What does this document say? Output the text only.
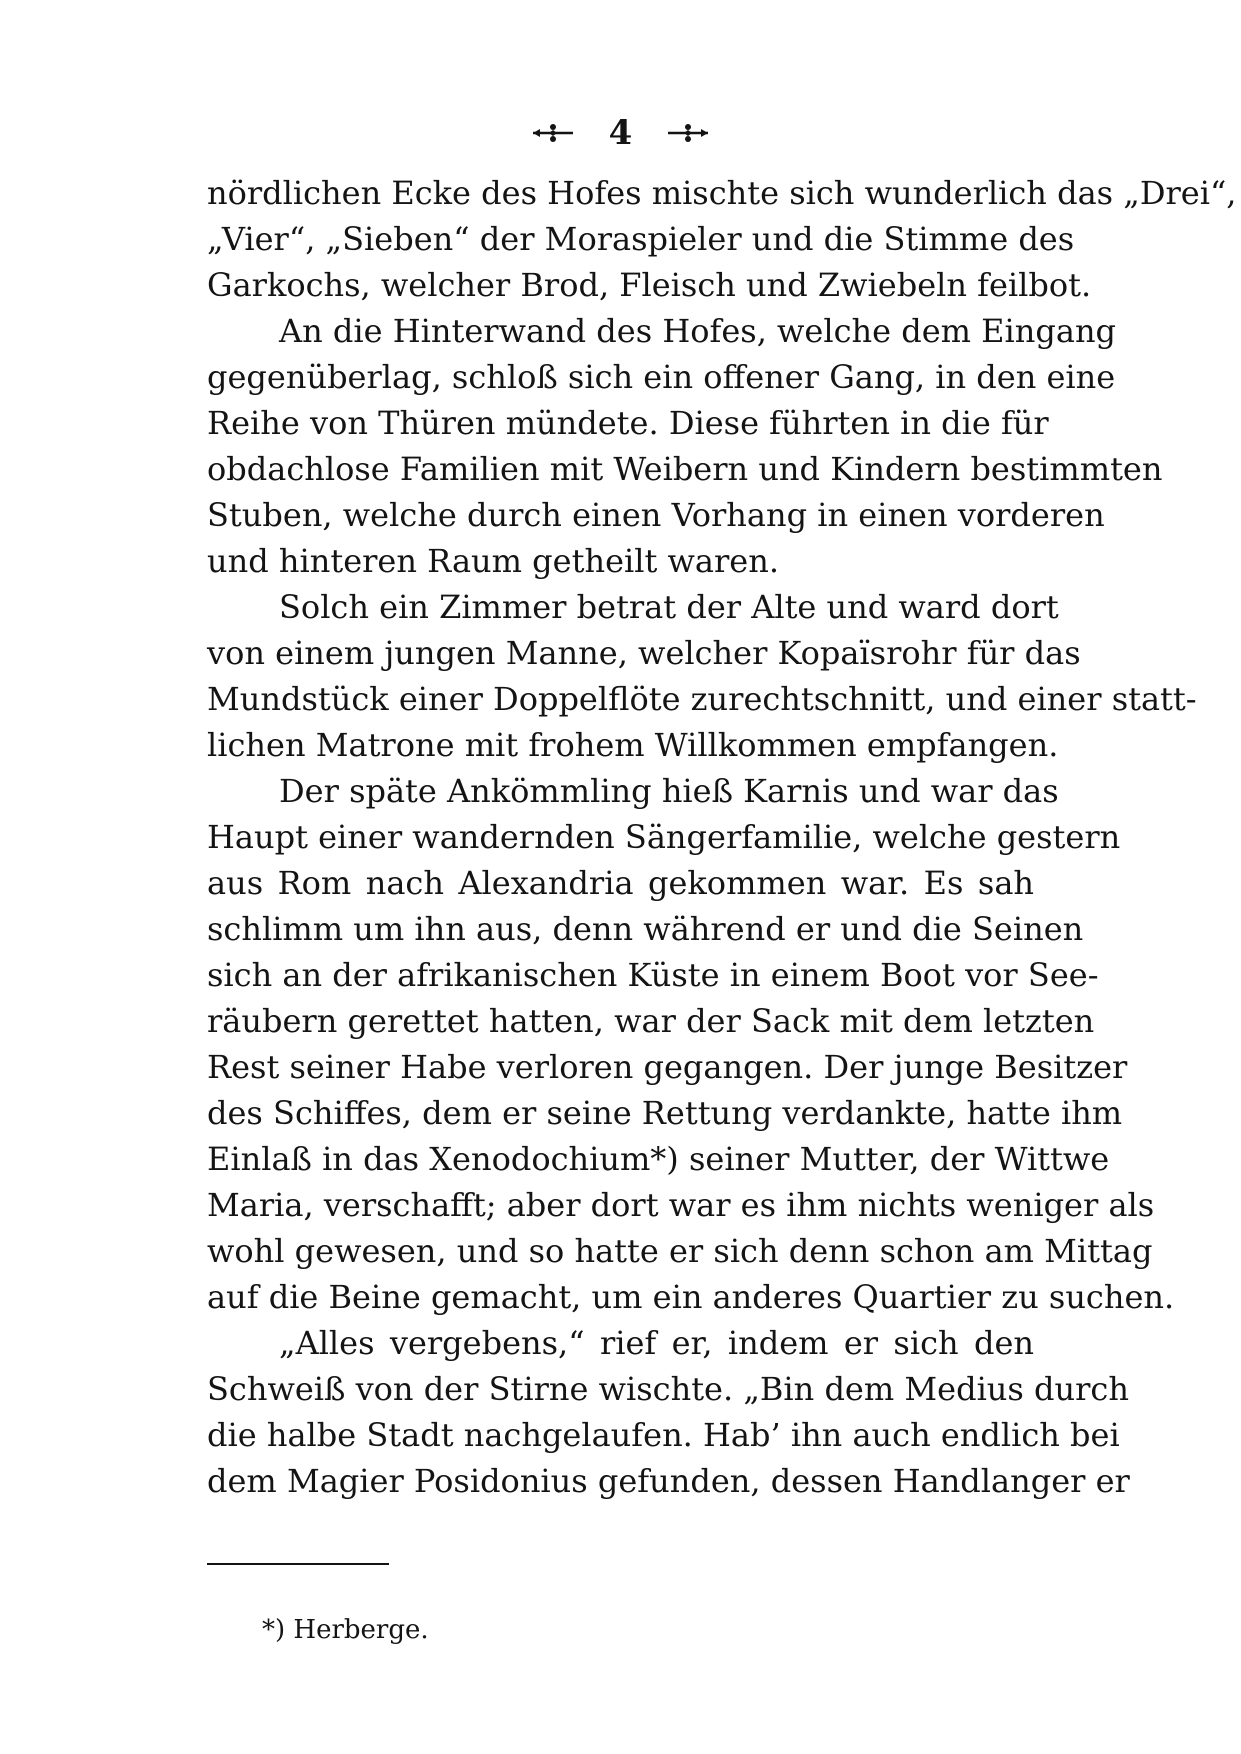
4
nördlichen Ecke des Hofes mischte sich wunderlich das „Drei“,
„Vier“, „Sieben“ der Moraspieler und die Stimme des
Garkochs, welcher Brod, Fleisch und Zwiebeln feilbot.
An die Hinterwand des Hofes, welche dem Eingang
gegenüberlag, schloß sich ein offener Gang, in den eine
Reihe von Thüren mündete. Diese führten in die für
obdachlose Familien mit Weibern und Kindern bestimmten
Stuben, welche durch einen Vorhang in einen vorderen
und hinteren Raum getheilt waren.
Solch ein Zimmer betrat der Alte und ward dort
von einem jungen Manne, welcher Kopaïsrohr für das
Mundstück einer Doppelflöte zurechtschnitt, und einer statt-
lichen Matrone mit frohem Willkommen empfangen.
Der späte Ankömmling hieß Karnis und war das
Haupt einer wandernden Sängerfamilie, welche gestern
aus Rom nach Alexandria gekommen war. Es sah
schlimm um ihn aus, denn während er und die Seinen
sich an der afrikanischen Küste in einem Boot vor See-
räubern gerettet hatten, war der Sack mit dem letzten
Rest seiner Habe verloren gegangen. Der junge Besitzer
des Schiffes, dem er seine Rettung verdankte, hatte ihm
Einlaß in das Xenodochium*) seiner Mutter, der Wittwe
Maria, verschafft; aber dort war es ihm nichts weniger als
wohl gewesen, und so hatte er sich denn schon am Mittag
auf die Beine gemacht, um ein anderes Quartier zu suchen.
„Alles vergebens,“ rief er, indem er sich den
Schweiß von der Stirne wischte. „Bin dem Medius durch
die halbe Stadt nachgelaufen. Hab’ ihn auch endlich bei
dem Magier Posidonius gefunden, dessen Handlanger er
*) Herberge.
